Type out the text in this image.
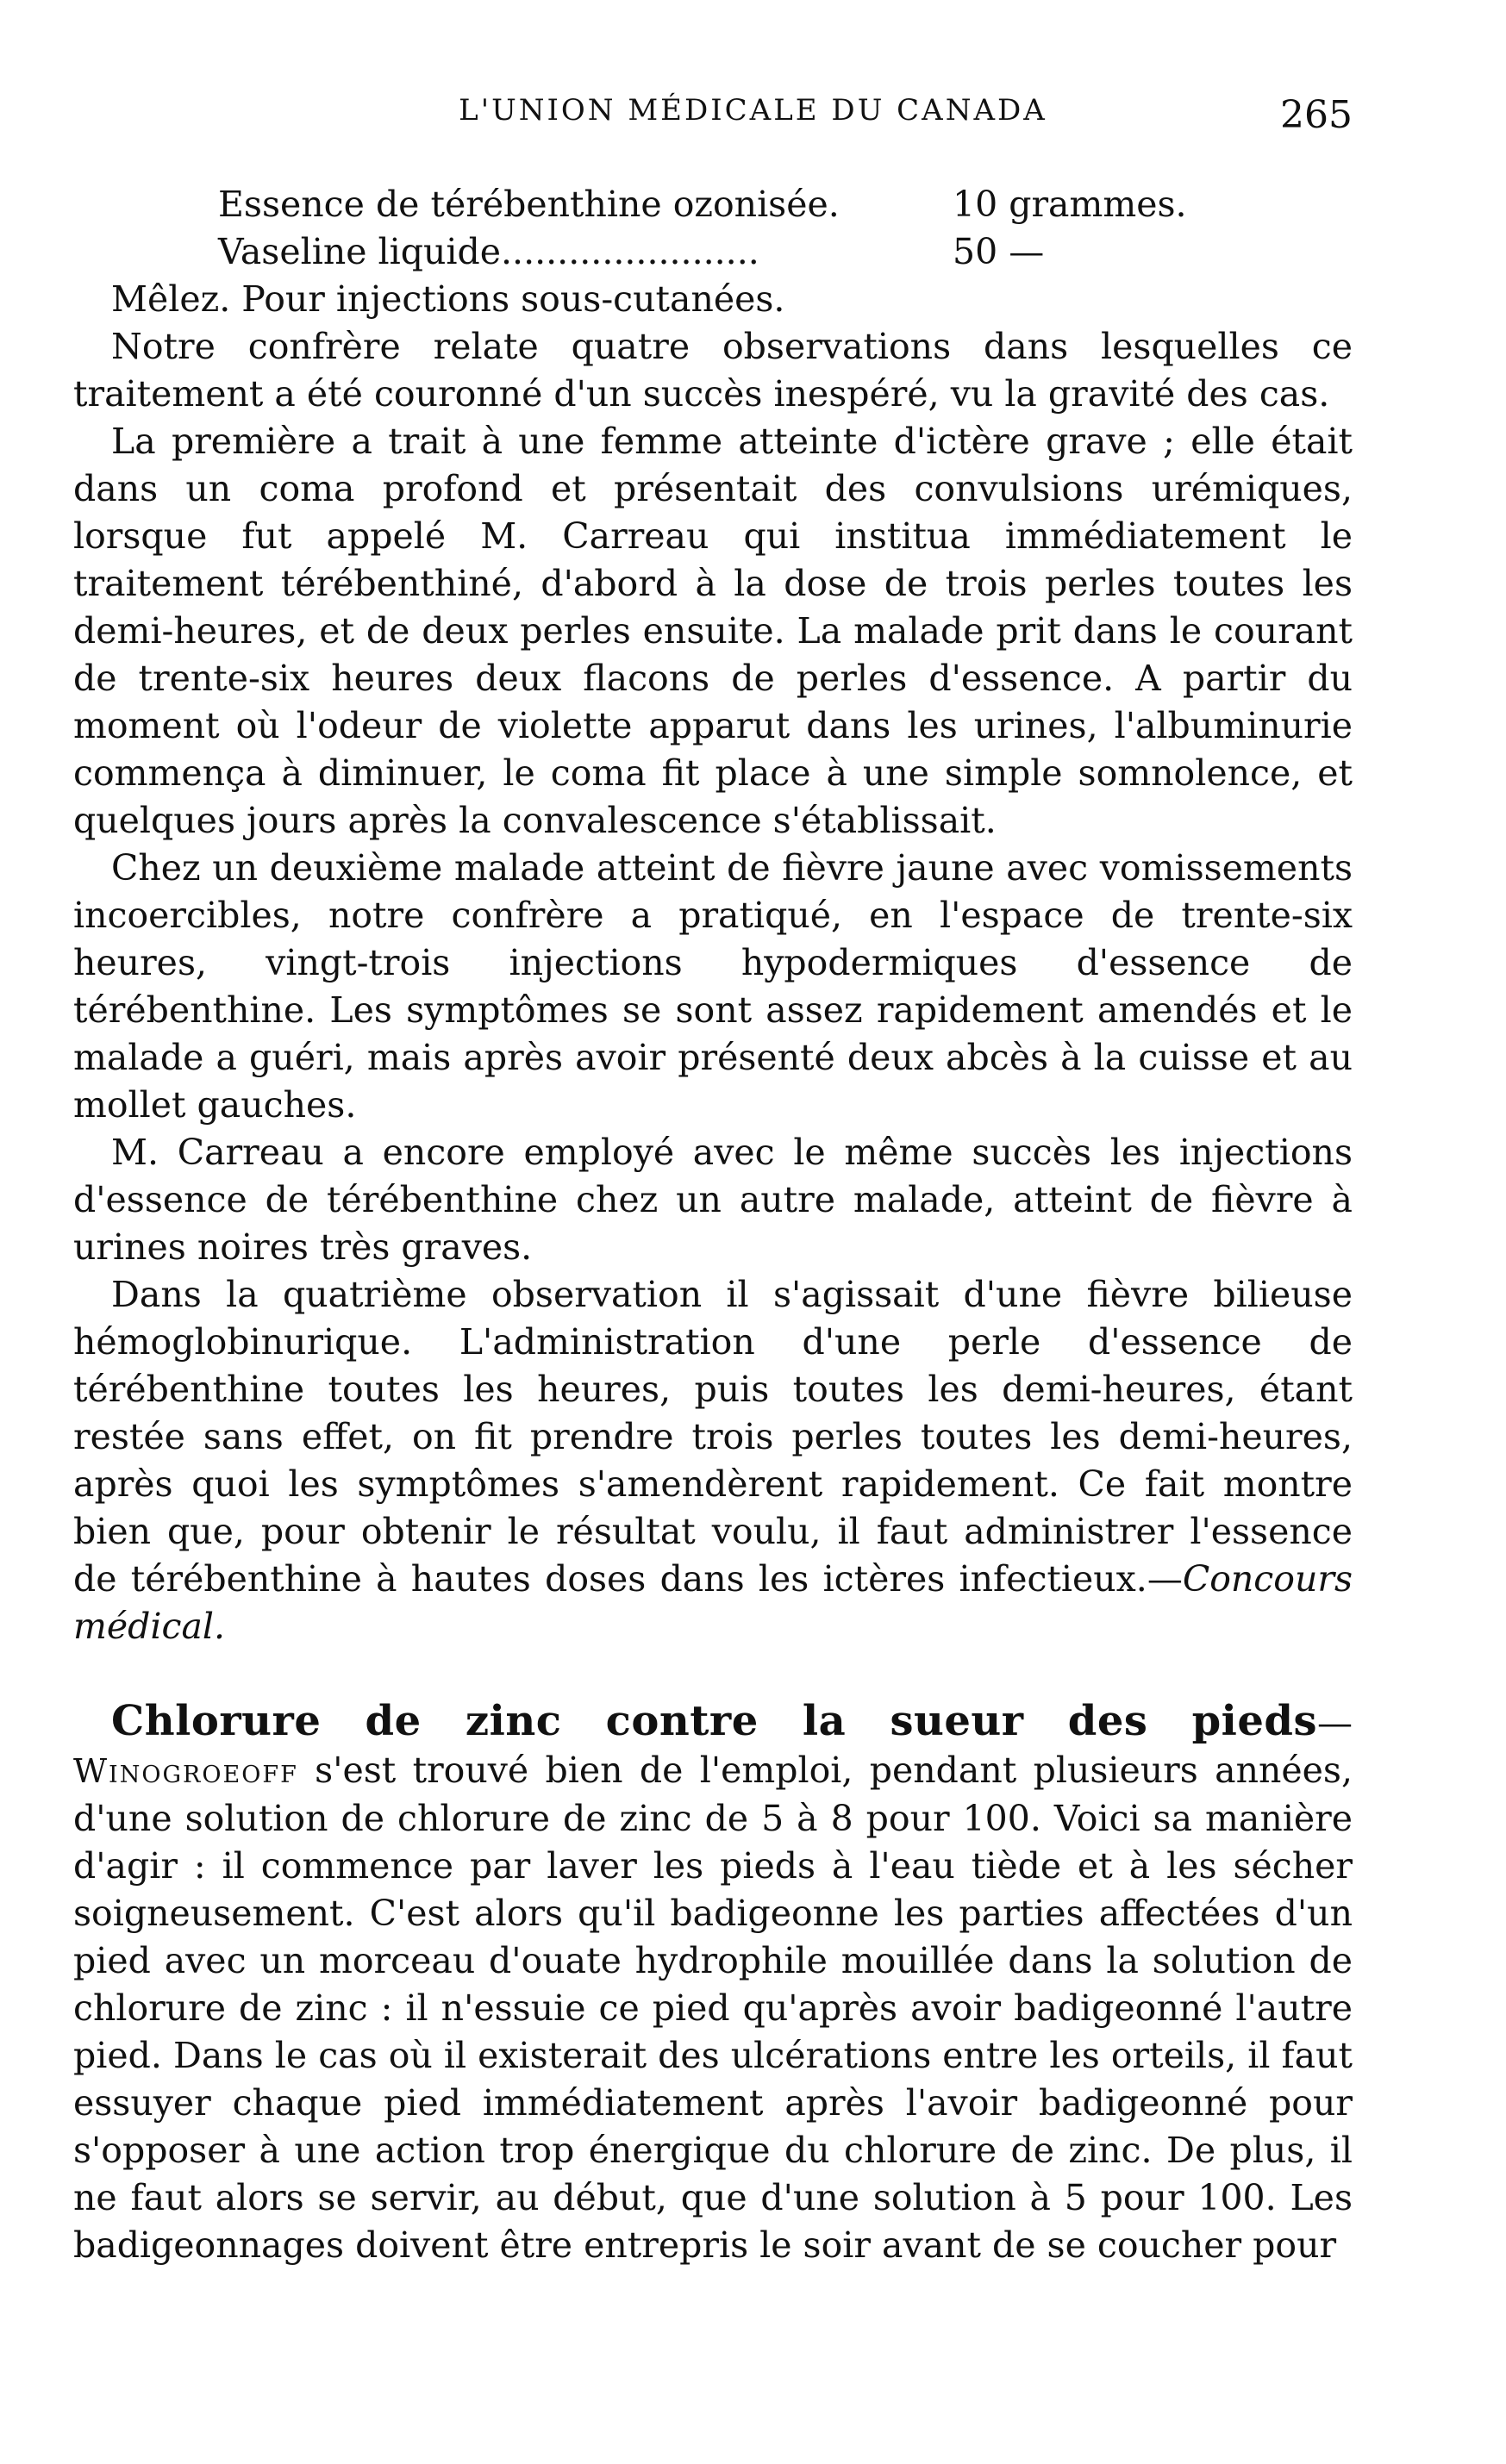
L'UNION MÉDICALE DU CANADA	265
Essence de térébenthine ozonisée.	10 grammes.
Vaseline liquide.......................	50 —

Mêlez. Pour injections sous-cutanées.

Notre confrère relate quatre observations dans lesquelles ce traitement a été couronné d'un succès inespéré, vu la gravité des cas.

La première a trait à une femme atteinte d'ictère grave ; elle était dans un coma profond et présentait des convulsions urémiques, lorsque fut appelé M. Carreau qui institua immédiatement le traitement térébenthiné, d'abord à la dose de trois perles toutes les demi-heures, et de deux perles ensuite. La malade prit dans le courant de trente-six heures deux flacons de perles d'essence. A partir du moment où l'odeur de violette apparut dans les urines, l'albuminurie commença à diminuer, le coma fit place à une simple somnolence, et quelques jours après la convalescence s'établissait.

Chez un deuxième malade atteint de fièvre jaune avec vomissements incoercibles, notre confrère a pratiqué, en l'espace de trente-six heures, vingt-trois injections hypodermiques d'essence de térébenthine. Les symptômes se sont assez rapidement amendés et le malade a guéri, mais après avoir présenté deux abcès à la cuisse et au mollet gauches.

M. Carreau a encore employé avec le même succès les injections d'essence de térébenthine chez un autre malade, atteint de fièvre à urines noires très graves.

Dans la quatrième observation il s'agissait d'une fièvre bilieuse hémoglobinurique. L'administration d'une perle d'essence de térébenthine toutes les heures, puis toutes les demi-heures, étant restée sans effet, on fit prendre trois perles toutes les demi-heures, après quoi les symptômes s'amendèrent rapidement. Ce fait montre bien que, pour obtenir le résultat voulu, il faut administrer l'essence de térébenthine à hautes doses dans les ictères infectieux.—Concours médical.

Chlorure de zinc contre la sueur des pieds—Winogroeoff s'est trouvé bien de l'emploi, pendant plusieurs années, d'une solution de chlorure de zinc de 5 à 8 pour 100. Voici sa manière d'agir : il commence par laver les pieds à l'eau tiède et à les sécher soigneusement. C'est alors qu'il badigeonne les parties affectées d'un pied avec un morceau d'ouate hydrophile mouillée dans la solution de chlorure de zinc : il n'essuie ce pied qu'après avoir badigeonné l'autre pied. Dans le cas où il existerait des ulcérations entre les orteils, il faut essuyer chaque pied immédiatement après l'avoir badigeonné pour s'opposer à une action trop énergique du chlorure de zinc. De plus, il ne faut alors se servir, au début, que d'une solution à 5 pour 100. Les badigeonnages doivent être entrepris le soir avant de se coucher pour
